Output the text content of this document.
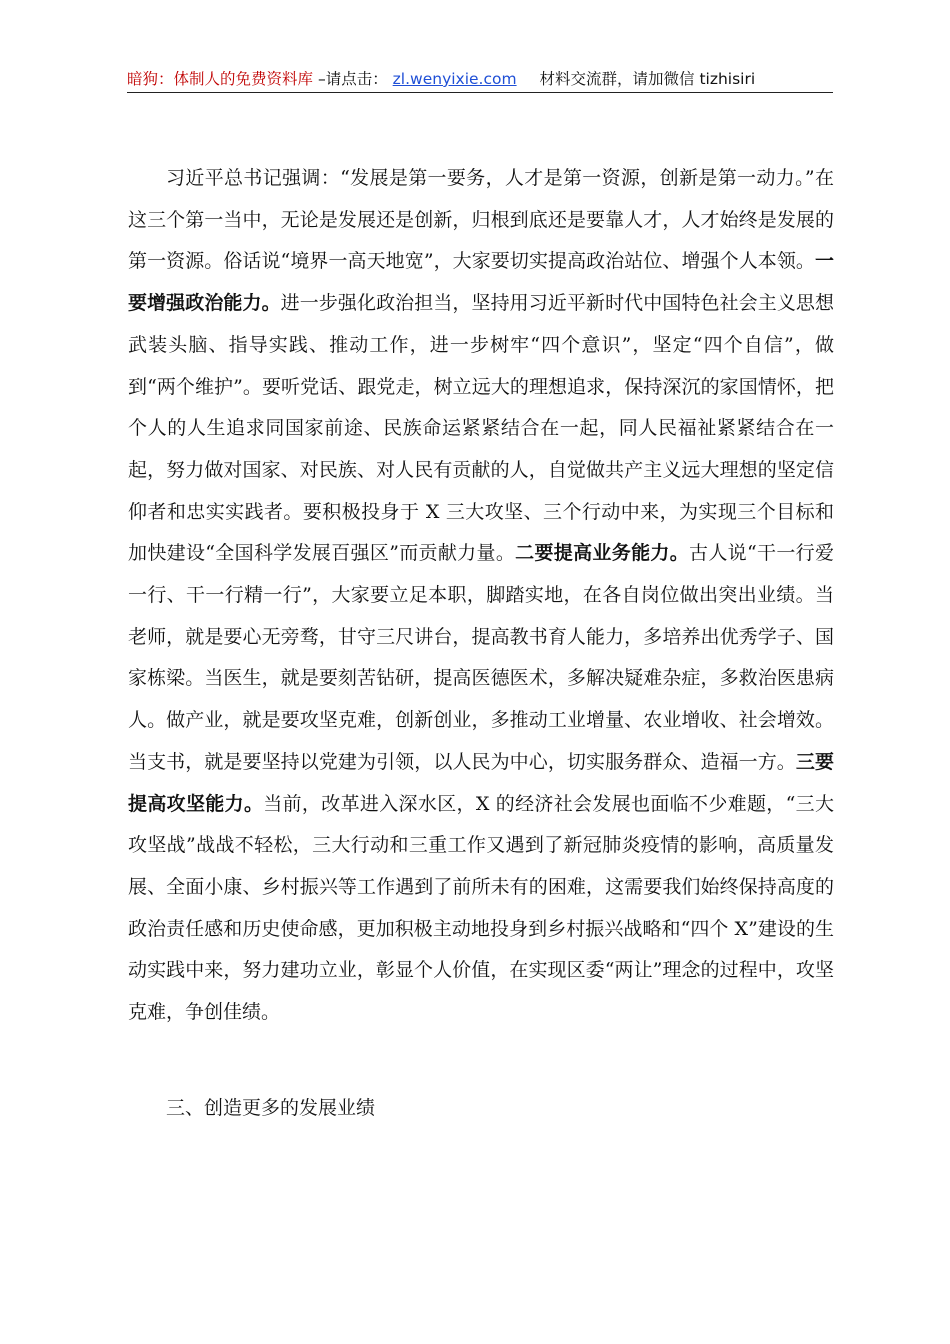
暗狗：体制人的免费资料库 –请点击： zl.wenyixie.com 材料交流群，请加微信 tizhisiri

习近平总书记强调：“发展是第一要务，人才是第一资源，创新是第一动力。”在这三个第一当中，无论是发展还是创新，归根到底还是要靠人才，人才始终是发展的第一资源。俗话说“境界一高天地宽”，大家要切实提高政治站位、增强个人本领。一要增强政治能力。进一步强化政治担当，坚持用习近平新时代中国特色社会主义思想武装头脑、指导实践、推动工作，进一步树牢“四个意识”，坚定“四个自信”，做到“两个维护”。要听党话、跟党走，树立远大的理想追求，保持深沉的家国情怀，把个人的人生追求同国家前途、民族命运紧紧结合在一起，同人民福祉紧紧结合在一起，努力做对国家、对民族、对人民有贡献的人，自觉做共产主义远大理想的坚定信仰者和忠实实践者。要积极投身于 X 三大攻坚、三个行动中来，为实现三个目标和加快建设“全国科学发展百强区”而贡献力量。二要提高业务能力。古人说“干一行爱一行、干一行精一行”，大家要立足本职，脚踏实地，在各自岗位做出突出业绩。当老师，就是要心无旁骛，甘守三尺讲台，提高教书育人能力，多培养出优秀学子、国家栋梁。当医生，就是要刻苦钻研，提高医德医术，多解决疑难杂症，多救治医患病人。做产业，就是要攻坚克难，创新创业，多推动工业增量、农业增收、社会增效。当支书，就是要坚持以党建为引领，以人民为中心，切实服务群众、造福一方。三要提高攻坚能力。当前，改革进入深水区，X 的经济社会发展也面临不少难题，“三大攻坚战”战战不轻松，三大行动和三重工作又遇到了新冠肺炎疫情的影响，高质量发展、全面小康、乡村振兴等工作遇到了前所未有的困难，这需要我们始终保持高度的政治责任感和历史使命感，更加积极主动地投身到乡村振兴战略和“四个 X”建设的生动实践中来，努力建功立业，彰显个人价值，在实现区委“两让”理念的过程中，攻坚克难，争创佳绩。

三、创造更多的发展业绩
